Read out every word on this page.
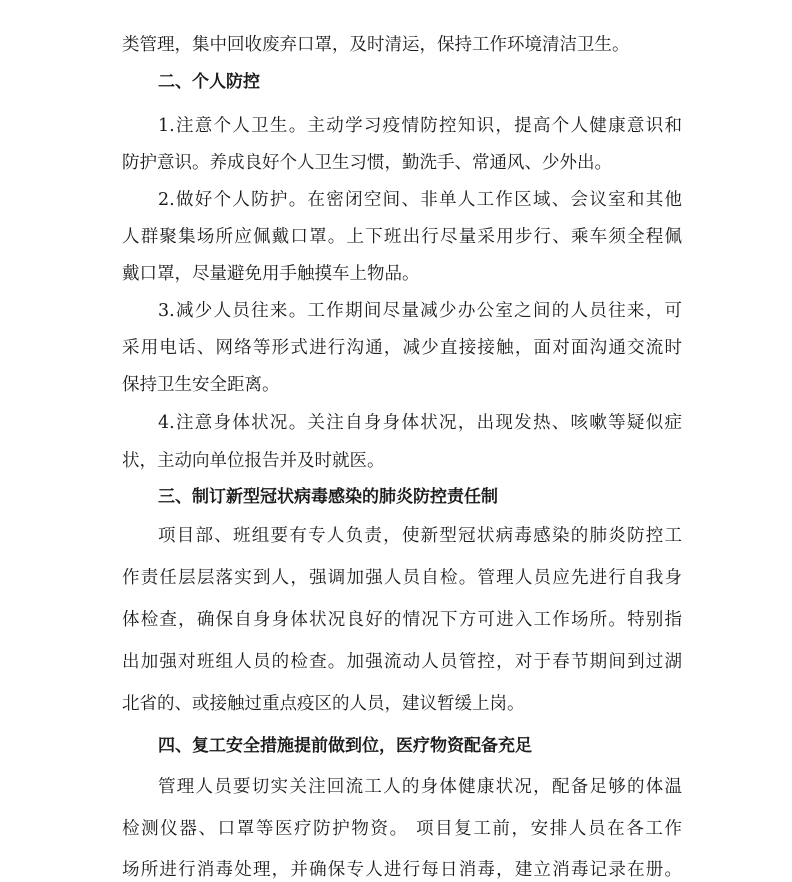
类管理，集中回收废弃口罩，及时清运，保持工作环境清洁卫生。
二、个人防控
1.注意个人卫生。主动学习疫情防控知识，提高个人健康意识和
防护意识。养成良好个人卫生习惯，勤洗手、常通风、少外出。
2.做好个人防护。在密闭空间、非单人工作区域、会议室和其他
人群聚集场所应佩戴口罩。上下班出行尽量采用步行、乘车须全程佩
戴口罩，尽量避免用手触摸车上物品。
3.减少人员往来。工作期间尽量减少办公室之间的人员往来，可
采用电话、网络等形式进行沟通，减少直接接触，面对面沟通交流时
保持卫生安全距离。
4.注意身体状况。关注自身身体状况，出现发热、咳嗽等疑似症
状，主动向单位报告并及时就医。
三、制订新型冠状病毒感染的肺炎防控责任制
项目部、班组要有专人负责，使新型冠状病毒感染的肺炎防控工
作责任层层落实到人，强调加强人员自检。管理人员应先进行自我身
体检查，确保自身身体状况良好的情况下方可进入工作场所。特别指
出加强对班组人员的检查。加强流动人员管控，对于春节期间到过湖
北省的、或接触过重点疫区的人员，建议暂缓上岗。
四、复工安全措施提前做到位，医疗物资配备充足
管理人员要切实关注回流工人的身体健康状况，配备足够的体温
检测仪器、口罩等医疗防护物资。 项目复工前，安排人员在各工作
场所进行消毒处理，并确保专人进行每日消毒，建立消毒记录在册。
